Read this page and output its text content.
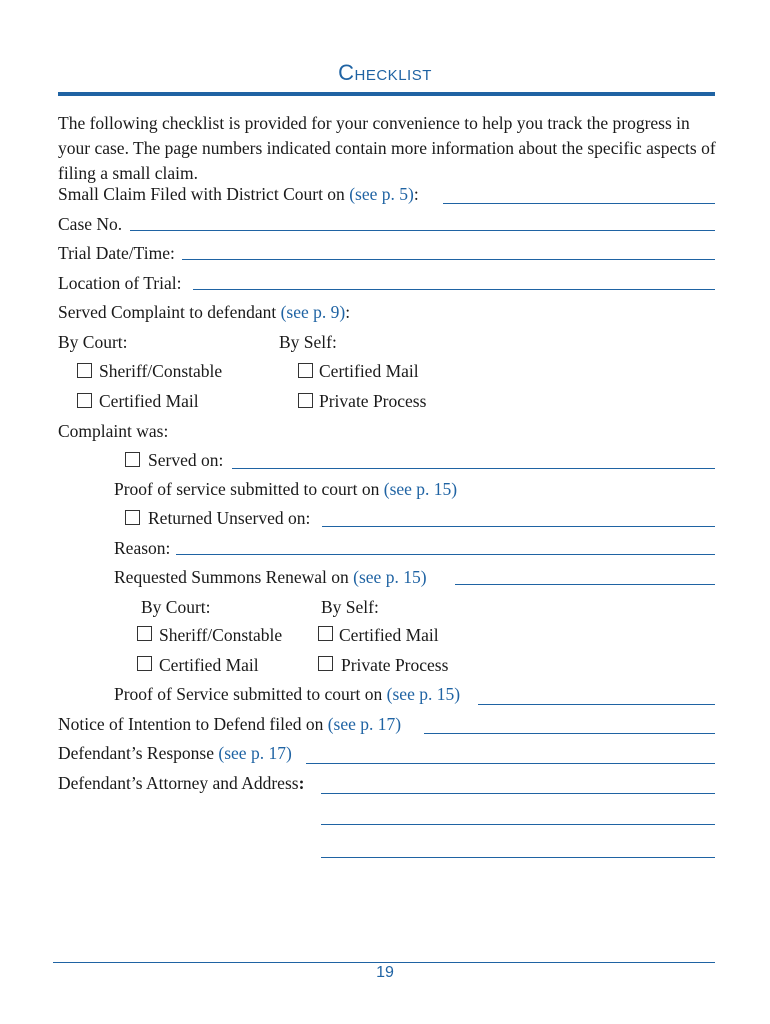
CHECKLIST
The following checklist is provided for your convenience to help you track the progress in your case. The page numbers indicated contain more information about the specific aspects of filing a small claim.
Small Claim Filed with District Court on (see p. 5):
Case No.
Trial Date/Time:
Location of Trial:
Served Complaint to defendant (see p. 9):
By Court:	By Self:
Sheriff/Constable	Certified Mail
Certified Mail	Private Process
Complaint was:
Served on:
Proof of service submitted to court on (see p. 15)
Returned Unserved on:
Reason:
Requested Summons Renewal on (see p. 15)
By Court:	By Self:
Sheriff/Constable	Certified Mail
Certified Mail	Private Process
Proof of Service submitted to court on (see p. 15)
Notice of Intention to Defend filed on (see p. 17)
Defendant’s Response (see p. 17)
Defendant’s Attorney and Address:
19
